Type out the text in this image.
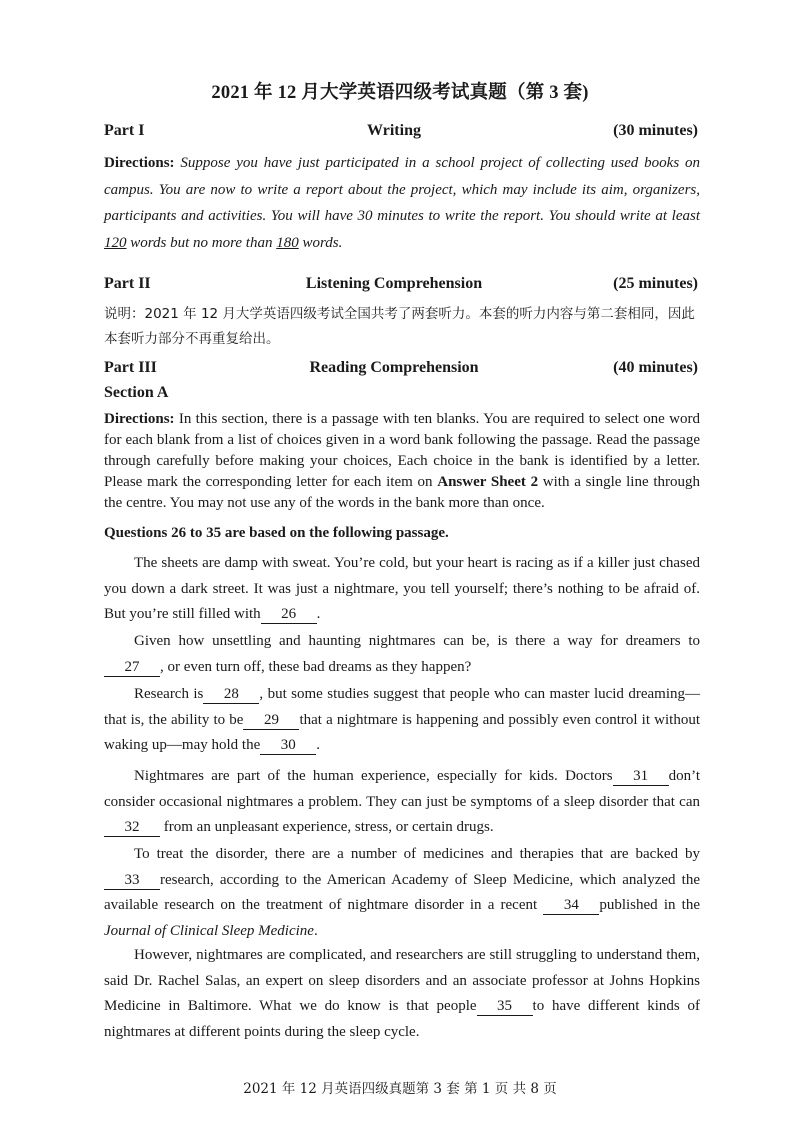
2021 年 12 月大学英语四级考试真题（第 3 套)
Part I	Writing	(30 minutes)
Directions: Suppose you have just participated in a school project of collecting used books on campus. You are now to write a report about the project, which may include its aim, organizers, participants and activities. You will have 30 minutes to write the report. You should write at least 120 words but no more than 180 words.
Part II	Listening Comprehension	(25 minutes)
说明：2021 年 12 月大学英语四级考试全国共考了两套听力。本套的听力内容与第二套相同，因此本套听力部分不再重复给出。
Part III	Reading Comprehension	(40 minutes)
Section A
Directions: In this section, there is a passage with ten blanks. You are required to select one word for each blank from a list of choices given in a word bank following the passage. Read the passage through carefully before making your choices, Each choice in the bank is identified by a letter. Please mark the corresponding letter for each item on Answer Sheet 2 with a single line through the centre. You may not use any of the words in the bank more than once.
Questions 26 to 35 are based on the following passage.
The sheets are damp with sweat. You’re cold, but your heart is racing as if a killer just chased you down a dark street. It was just a nightmare, you tell yourself; there’s nothing to be afraid of. But you’re still filled with 26 .
Given how unsettling and haunting nightmares can be, is there a way for dreamers to 27 , or even turn off, these bad dreams as they happen?
Research is 28 , but some studies suggest that people who can master lucid dreaming—that is, the ability to be 29 that a nightmare is happening and possibly even control it without waking up—may hold the 30 .
Nightmares are part of the human experience, especially for kids. Doctors 31 don’t consider occasional nightmares a problem. They can just be symptoms of a sleep disorder that can 32 from an unpleasant experience, stress, or certain drugs.
To treat the disorder, there are a number of medicines and therapies that are backed by33 research, according to the American Academy of Sleep Medicine, which analyzed the available research on the treatment of nightmare disorder in a recent 34 published in the Journal of Clinical Sleep Medicine.
However, nightmares are complicated, and researchers are still struggling to understand them, said Dr. Rachel Salas, an expert on sleep disorders and an associate professor at Johns Hopkins Medicine in Baltimore. What we do know is that people 35 to have different kinds of nightmares at different points during the sleep cycle.
2021 年 12 月英语四级真题第 3 套 第 1 页 共 8 页
